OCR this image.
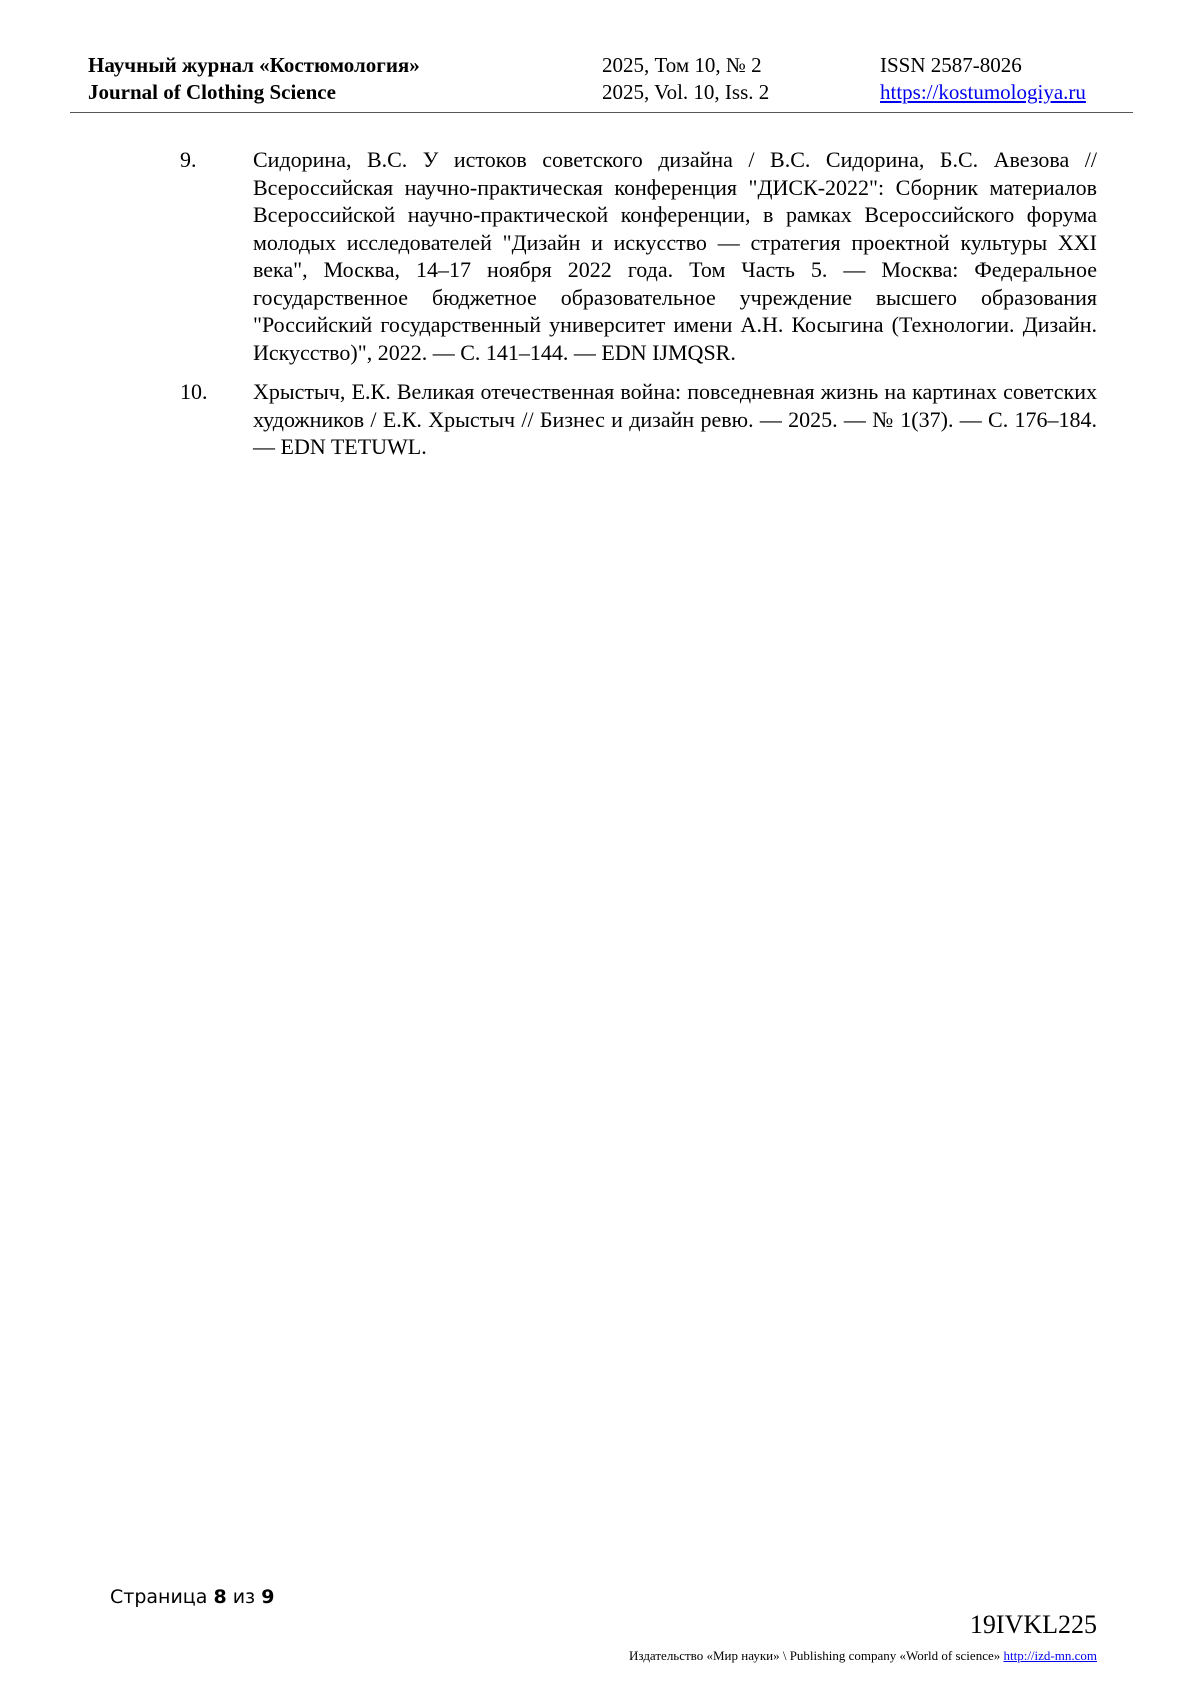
Научный журнал «Костюмология»
Journal of Clothing Science
2025, Том 10, № 2
2025, Vol. 10, Iss. 2
ISSN 2587-8026
https://kostumologiya.ru
9.	Сидорина, В.С. У истоков советского дизайна / В.С. Сидорина, Б.С. Авезова // Всероссийская научно-практическая конференция "ДИСК-2022": Сборник материалов Всероссийской научно-практической конференции, в рамках Всероссийского форума молодых исследователей "Дизайн и искусство — стратегия проектной культуры XXI века", Москва, 14–17 ноября 2022 года. Том Часть 5. — Москва: Федеральное государственное бюджетное образовательное учреждение высшего образования "Российский государственный университет имени А.Н. Косыгина (Технологии. Дизайн. Искусство)", 2022. — С. 141–144. — EDN IJMQSR.
10. Хрыстыч, Е.К. Великая отечественная война: повседневная жизнь на картинах советских художников / Е.К. Хрыстыч // Бизнес и дизайн ревю. — 2025. — № 1(37). — С. 176–184. — EDN TETUWL.
Страница 8 из 9
19IVKL225
Издательство «Мир науки» \ Publishing company «World of science» http://izd-mn.com
